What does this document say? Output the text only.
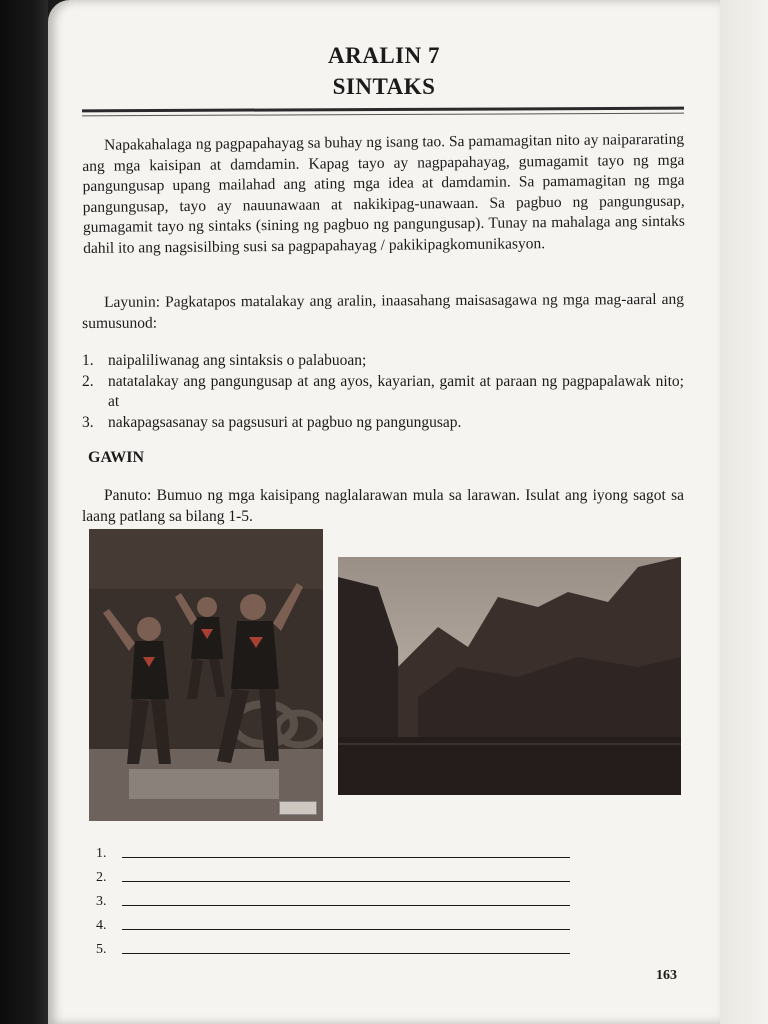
ARALIN 7
SINTAKS

Napakahalaga ng pagpapahayag sa buhay ng isang tao. Sa pamamagitan nito ay naipararating ang mga kaisipan at damdamin. Kapag tayo ay nagpapahayag, gumagamit tayo ng mga pangungusap upang mailahad ang ating mga idea at damdamin. Sa pamamagitan ng mga pangungusap, tayo ay nauunawaan at nakikipag-unawaan. Sa pagbuo ng pangungusap, gumagamit tayo ng sintaks (sining ng pagbuo ng pangungusap). Tunay na mahalaga ang sintaks dahil ito ang nagsisilbing susi sa pagpapahayag / pakikipagkomunikasyon.

Layunin: Pagkatapos matalakay ang aralin, inaasahang maisasagawa ng mga mag-aaral ang sumusunod:

1. naipaliliwanag ang sintaksis o palabuoan;
2. natatalakay ang pangungusap at ang ayos, kayarian, gamit at paraan ng pagpapalawak nito; at
3. nakapagsasanay sa pagsusuri at pagbuo ng pangungusap.
GAWIN

Panuto: Bumuo ng mga kaisipang naglalarawan mula sa larawan. Isulat ang iyong sagot sa laang patlang sa bilang 1-5.

1.
2.
3.
4.
5.
163
